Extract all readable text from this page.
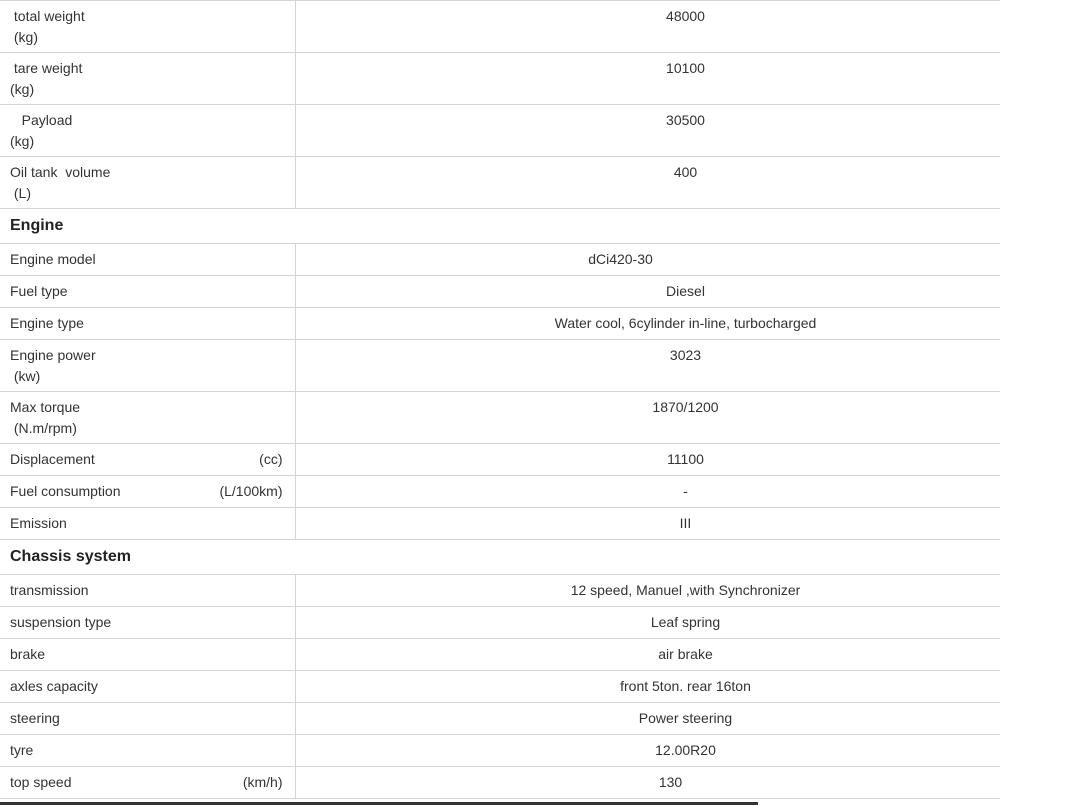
total weight
(kg)	48000

tare weight
(kg)	10100

Payload
(kg)	30500

Oil tank  volume
(L)	400

Engine	
Engine model	dCi420-30

Fuel type	Diesel

Engine type	Water cool, 6cylinder in-line, turbocharged

Engine power
(kw)	3023

Max torque
(N.m/rpm)	1870/1200

Displacement (cc)	11100

Fuel consumption (L/100km)	-

Emission	III

Chassis system	
transmission	12 speed, Manuel ,with Synchronizer

suspension type	Leaf spring

brake	air brake

axles capacity	front 5ton. rear 16ton

steering	Power steering

tyre	12.00R20

top speed (km/h)	130
